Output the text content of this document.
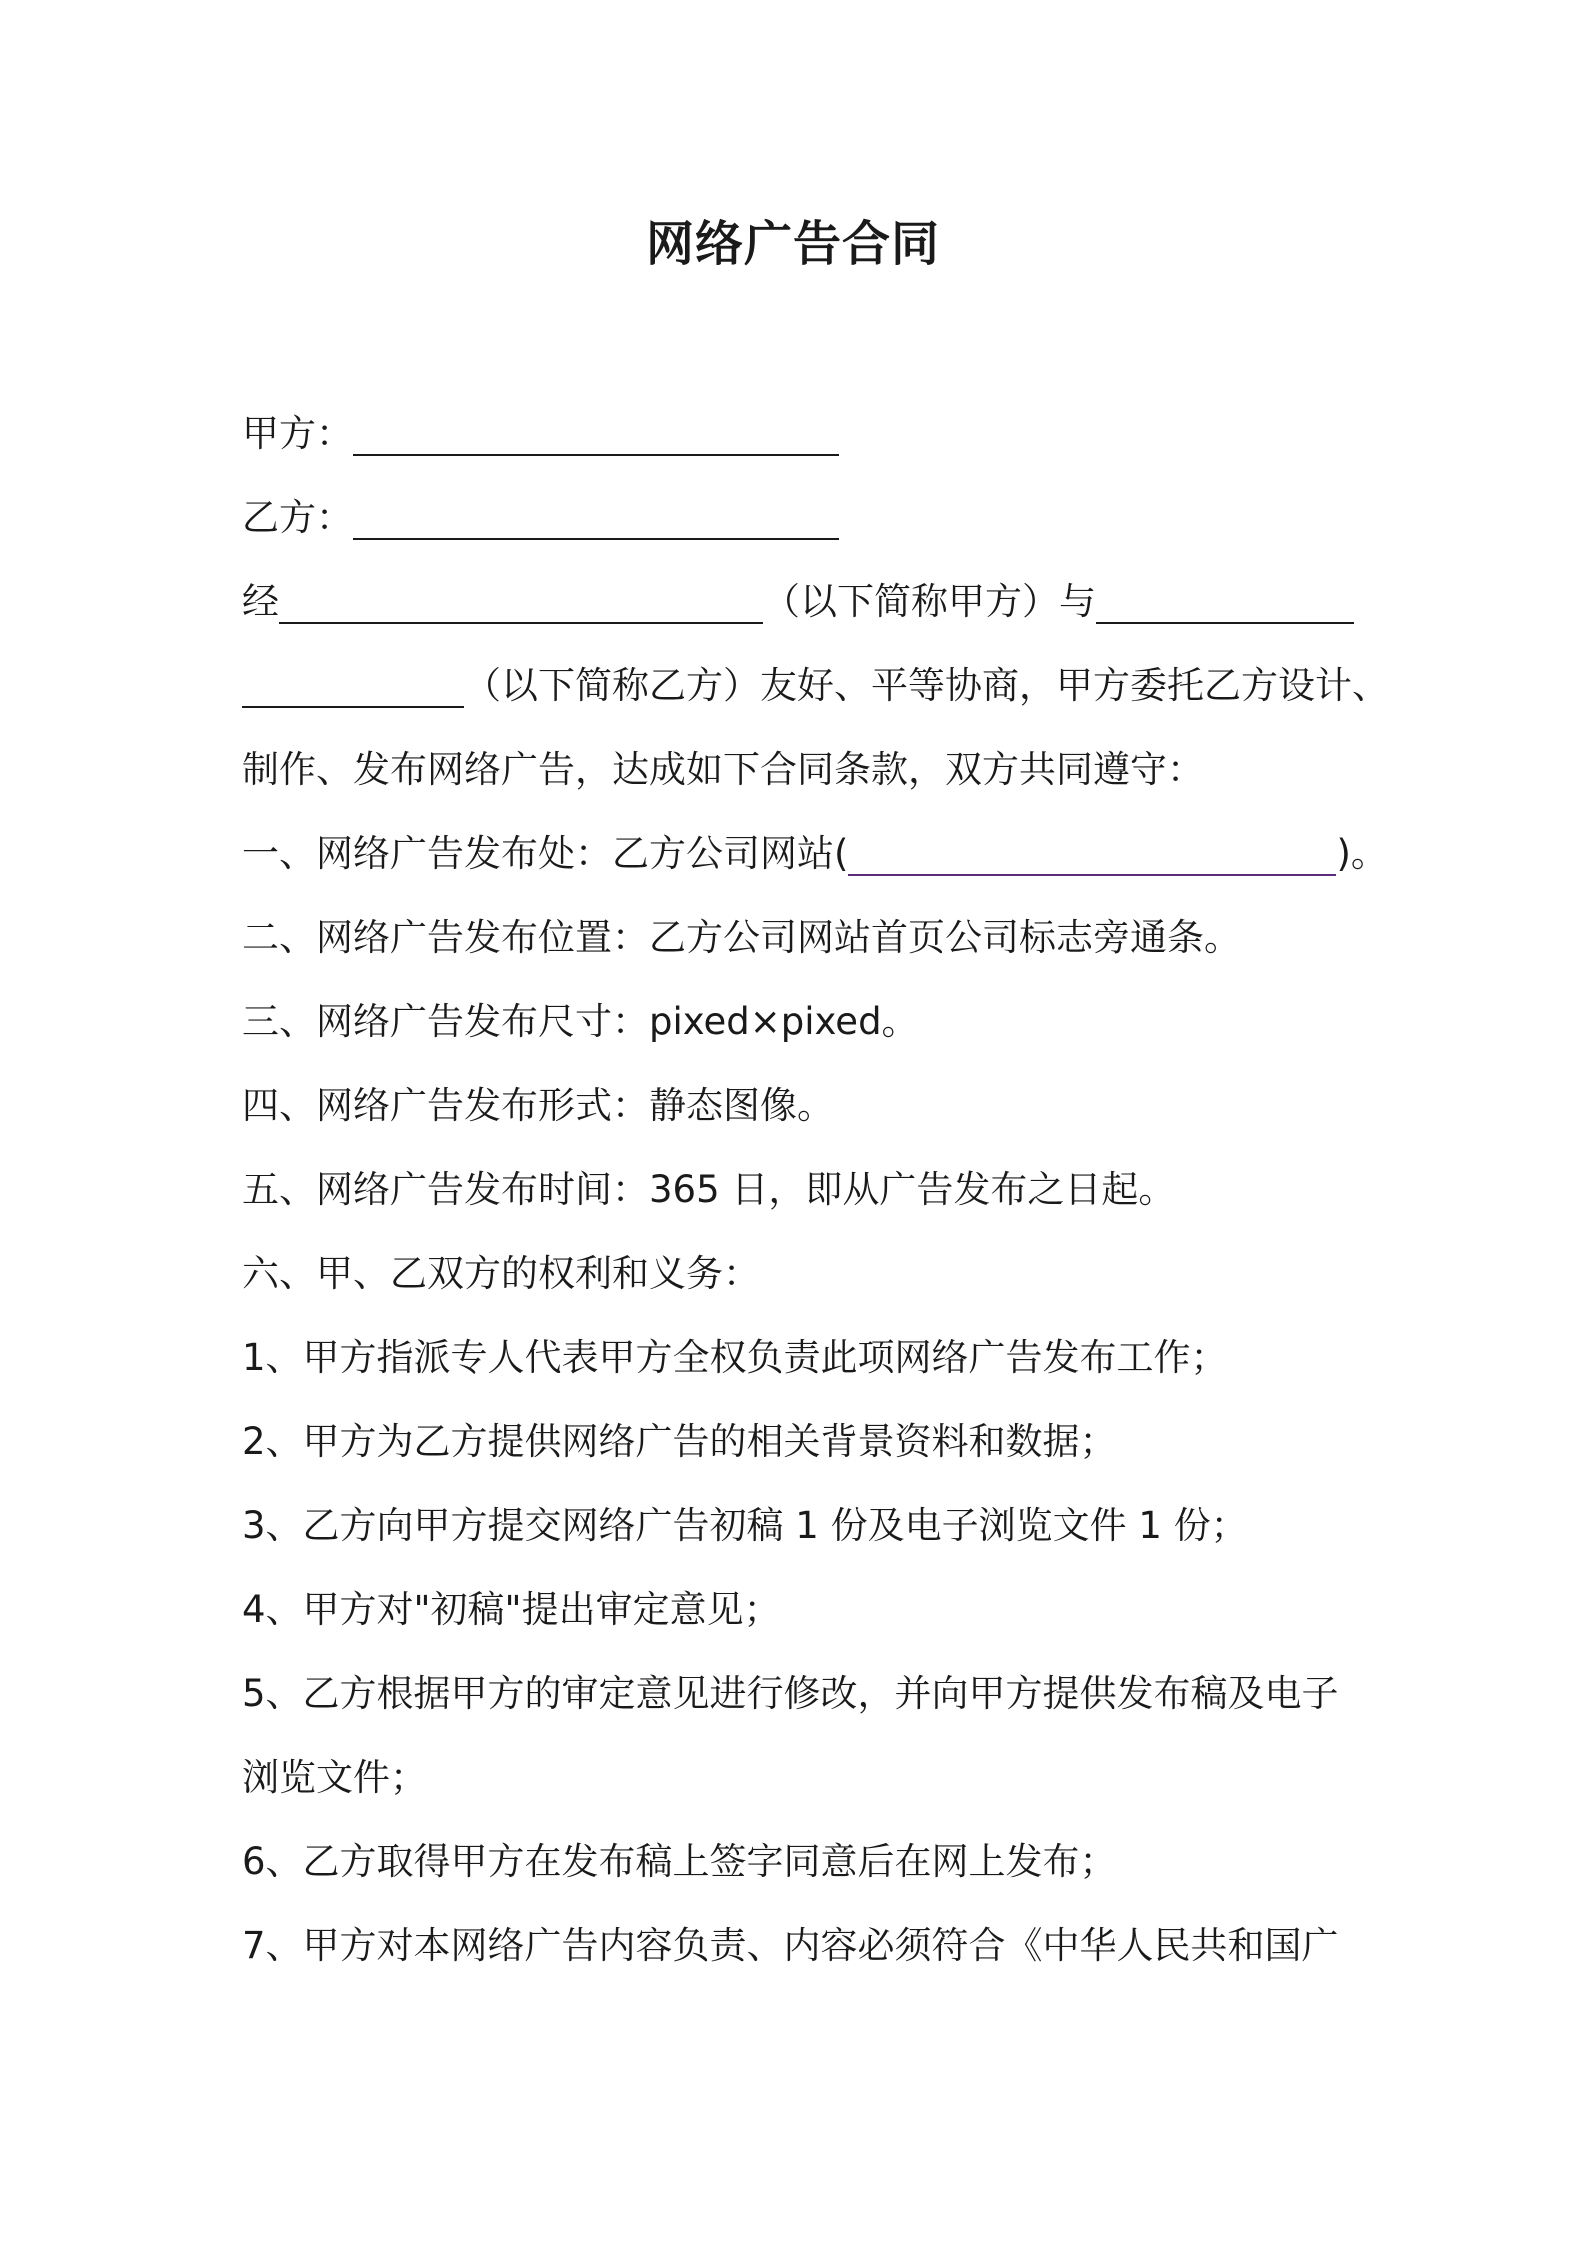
网络广告合同
甲方：
乙方：
经	（以下简称甲方）与
（以下简称乙方）友好、平等协商，甲方委托乙方设计、
制作、发布网络广告，达成如下合同条款，双方共同遵守：
一、网络广告发布处：乙方公司网站(	)。
二、网络广告发布位置：乙方公司网站首页公司标志旁通条。
三、网络广告发布尺寸：pixed×pixed。
四、网络广告发布形式：静态图像。
五、网络广告发布时间：365 日，即从广告发布之日起。
六、甲、乙双方的权利和义务：
1、甲方指派专人代表甲方全权负责此项网络广告发布工作；
2、甲方为乙方提供网络广告的相关背景资料和数据；
3、乙方向甲方提交网络广告初稿 1 份及电子浏览文件 1 份；
4、甲方对"初稿"提出审定意见；
5、乙方根据甲方的审定意见进行修改，并向甲方提供发布稿及电子
浏览文件；
6、乙方取得甲方在发布稿上签字同意后在网上发布；
7、甲方对本网络广告内容负责、内容必须符合《中华人民共和国广
